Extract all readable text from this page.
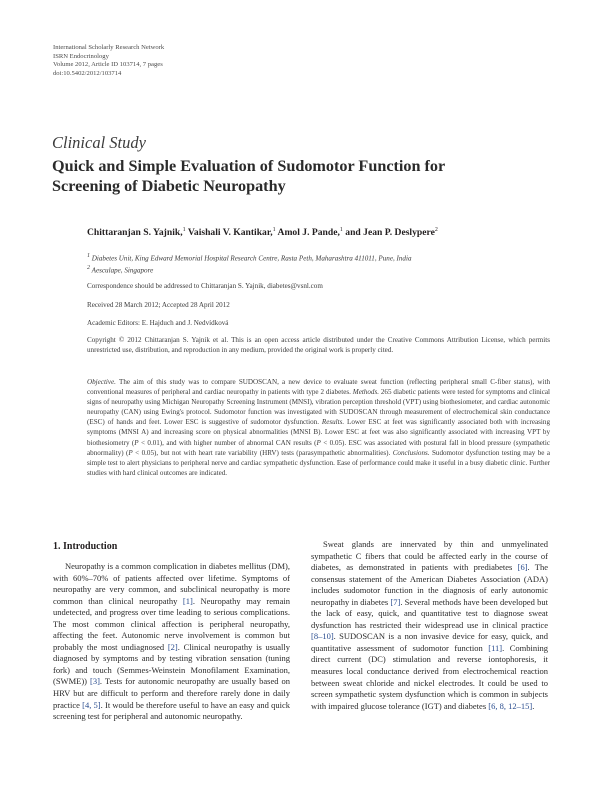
International Scholarly Research Network
ISRN Endocrinology
Volume 2012, Article ID 103714, 7 pages
doi:10.5402/2012/103714
Clinical Study
Quick and Simple Evaluation of Sudomotor Function for
Screening of Diabetic Neuropathy
Chittaranjan S. Yajnik,$^1$ Vaishali V. Kantikar,$^1$ Amol J. Pande,$^1$ and Jean P. Deslypere$^2$
$^1$ Diabetes Unit, King Edward Memorial Hospital Research Centre, Rasta Peth, Maharashtra 411011, Pune, India
$^2$ Aesculape, Singapore
Correspondence should be addressed to Chittaranjan S. Yajnik, diabetes@vsnl.com
Received 28 March 2012; Accepted 28 April 2012
Academic Editors: E. Hajduch and J. Nedvídková
Copyright © 2012 Chittaranjan S. Yajnik et al. This is an open access article distributed under the Creative Commons Attribution License, which permits unrestricted use, distribution, and reproduction in any medium, provided the original work is properly cited.
Objective. The aim of this study was to compare SUDOSCAN, a new device to evaluate sweat function (reflecting peripheral small C-fiber status), with conventional measures of peripheral and cardiac neuropathy in patients with type 2 diabetes. Methods. 265 diabetic patients were tested for symptoms and clinical signs of neuropathy using Michigan Neuropathy Screening Instrument (MNSI), vibration perception threshold (VPT) using biothesiometer, and cardiac autonomic neuropathy (CAN) using Ewing's protocol. Sudomotor function was investigated with SUDOSCAN through measurement of electrochemical skin conductance (ESC) of hands and feet. Lower ESC is suggestive of sudomotor dysfunction. Results. Lower ESC at feet was significantly associated both with increasing symptoms (MNSI A) and increasing score on physical abnormalities (MNSI B). Lower ESC at feet was also significantly associated with increasing VPT by biothesiometry (P < 0.01), and with higher number of abnormal CAN results (P < 0.05). ESC was associated with postural fall in blood pressure (sympathetic abnormality) (P < 0.05), but not with heart rate variability (HRV) tests (parasympathetic abnormalities). Conclusions. Sudomotor dysfunction testing may be a simple test to alert physicians to peripheral nerve and cardiac sympathetic dysfunction. Ease of performance could make it useful in a busy diabetic clinic. Further studies with hard clinical outcomes are indicated.
1. Introduction

Neuropathy is a common complication in diabetes mellitus (DM), with 60%–70% of patients affected over lifetime. Symptoms of neuropathy are very common, and subclinical neuropathy is more common than clinical neuropathy [1]. Neuropathy may remain undetected, and progress over time leading to serious complications. The most common clinical affection is peripheral neuropathy, affecting the feet. Autonomic nerve involvement is common but probably the most undiagnosed [2]. Clinical neuropathy is usually diagnosed by symptoms and by testing vibration sensation (tuning fork) and touch (Semmes-Weinstein Monofilament Examination, (SWME)) [3]. Tests for autonomic neuropathy are usually based on HRV but are difficult to perform and therefore rarely done in daily practice [4, 5]. It would be therefore useful to have an easy and quick screening test for peripheral and autonomic neuropathy.

Sweat glands are innervated by thin and unmyelinated sympathetic C fibers that could be affected early in the course of diabetes, as demonstrated in patients with prediabetes [6]. The consensus statement of the American Diabetes Association (ADA) includes sudomotor function in the diagnosis of early autonomic neuropathy in diabetes [7]. Several methods have been developed but the lack of easy, quick, and quantitative test to diagnose sweat dysfunction has restricted their widespread use in clinical practice [8–10]. SUDOSCAN is a non invasive device for easy, quick, and quantitative assessment of sudomotor function [11]. Combining direct current (DC) stimulation and reverse iontophoresis, it measures local conductance derived from electrochemical reaction between sweat chloride and nickel electrodes. It could be used to screen sympathetic system dysfunction which is common in subjects with impaired glucose tolerance (IGT) and diabetes [6, 8, 12–15].
